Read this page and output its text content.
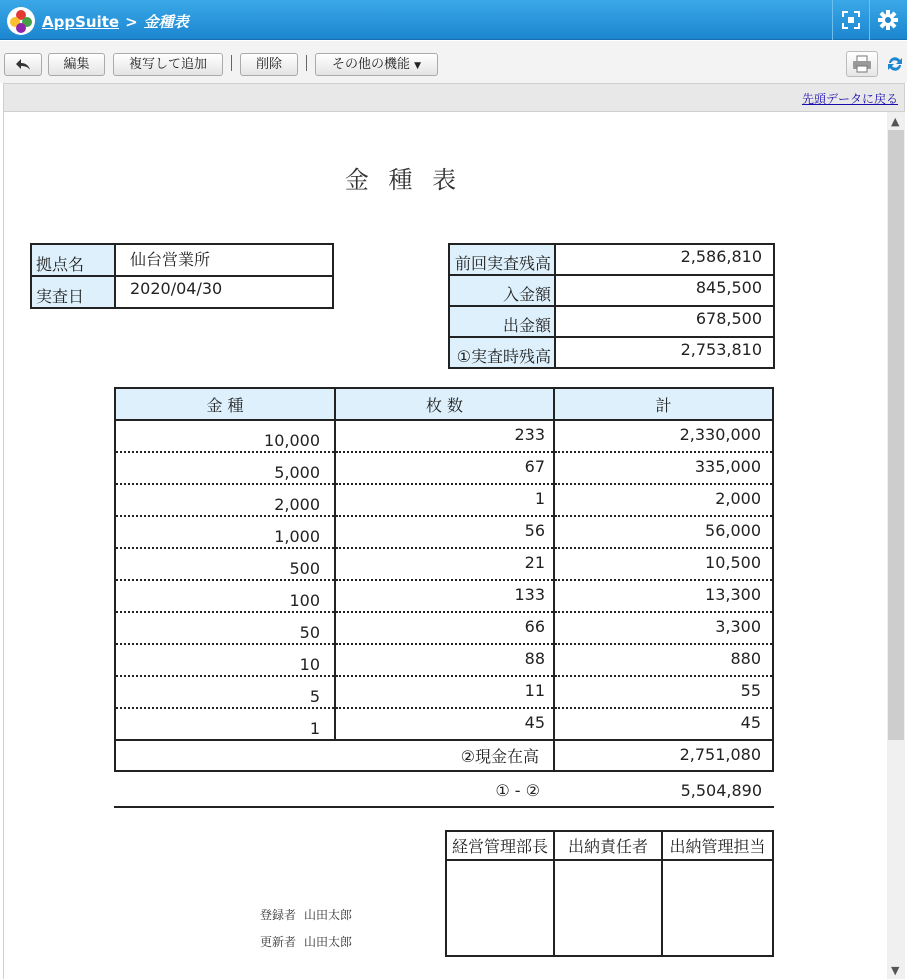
AppSuite > 金種表
編集	複写して追加	削除	その他の機能 ▼
先頭データに戻る
▲
▼
金 種 表
拠点名	仙台営業所
実査日	2020/04/30
前回実査残高	2,586,810
入金額	845,500
出金額	678,500
①実査時残高	2,753,810
金 種	枚 数	計
10,000	233	2,330,000
5,000	67	335,000
2,000	1	2,000
1,000	56	56,000
500	21	10,500
100	133	13,300
50	66	3,300
10	88	880
5	11	55
1	45	45
②現金在高		2,751,080
① - ②	5,504,890
経営管理部長	出納責任者	出納管理担当

登録者 山田太郎
更新者 山田太郎
